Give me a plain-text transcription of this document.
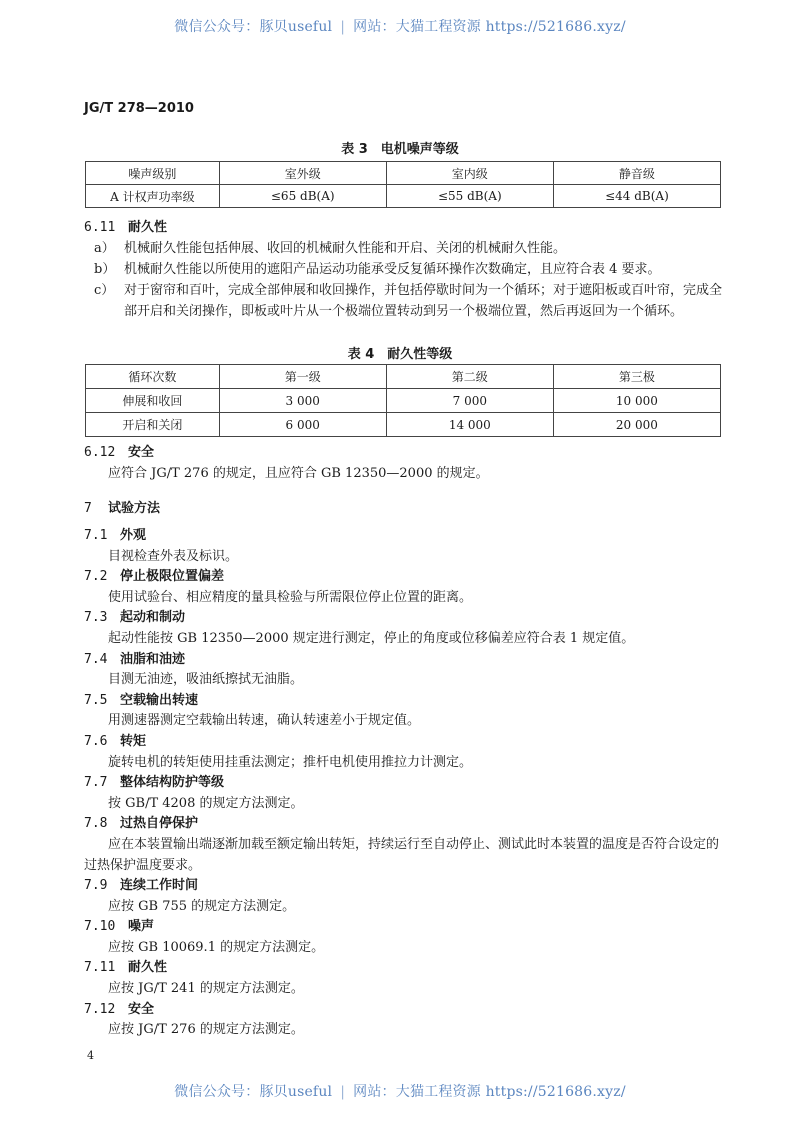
微信公众号：豚贝useful | 网站：大猫工程资源 https://521686.xyz/
JG/T 278—2010
表 3　电机噪声等级
噪声级别	室外级	室内级	静音级
A 计权声功率级	≤65 dB(A)	≤55 dB(A)	≤44 dB(A)
6.11 耐久性
a） 机械耐久性能包括伸展、收回的机械耐久性能和开启、关闭的机械耐久性能。
b） 机械耐久性能以所使用的遮阳产品运动功能承受反复循环操作次数确定，且应符合表 4 要求。
c） 对于窗帘和百叶，完成全部伸展和收回操作，并包括停歇时间为一个循环；对于遮阳板或百叶帘，完成全部开启和关闭操作，即板或叶片从一个极端位置转动到另一个极端位置，然后再返回为一个循环。
表 4　耐久性等级
循环次数	第一级	第二级	第三极
伸展和收回	3 000	7 000	10 000
开启和关闭	6 000	14 000	20 000
6.12 安全
应符合 JG/T 276 的规定，且应符合 GB 12350—2000 的规定。
7 试验方法
7.1 外观
目视检查外表及标识。
7.2 停止极限位置偏差
使用试验台、相应精度的量具检验与所需限位停止位置的距离。
7.3 起动和制动
起动性能按 GB 12350—2000 规定进行测定，停止的角度或位移偏差应符合表 1 规定值。
7.4 油脂和油迹
目测无油迹，吸油纸擦拭无油脂。
7.5 空载输出转速
用测速器测定空载输出转速，确认转速差小于规定值。
7.6 转矩
旋转电机的转矩使用挂重法测定；推杆电机使用推拉力计测定。
7.7 整体结构防护等级
按 GB/T 4208 的规定方法测定。
7.8 过热自停保护
应在本装置输出端逐渐加载至额定输出转矩，持续运行至自动停止、测试此时本装置的温度是否符合设定的过热保护温度要求。
7.9 连续工作时间
应按 GB 755 的规定方法测定。
7.10 噪声
应按 GB 10069.1 的规定方法测定。
7.11 耐久性
应按 JG/T 241 的规定方法测定。
7.12 安全
应按 JG/T 276 的规定方法测定。
4
微信公众号：豚贝useful | 网站：大猫工程资源 https://521686.xyz/
